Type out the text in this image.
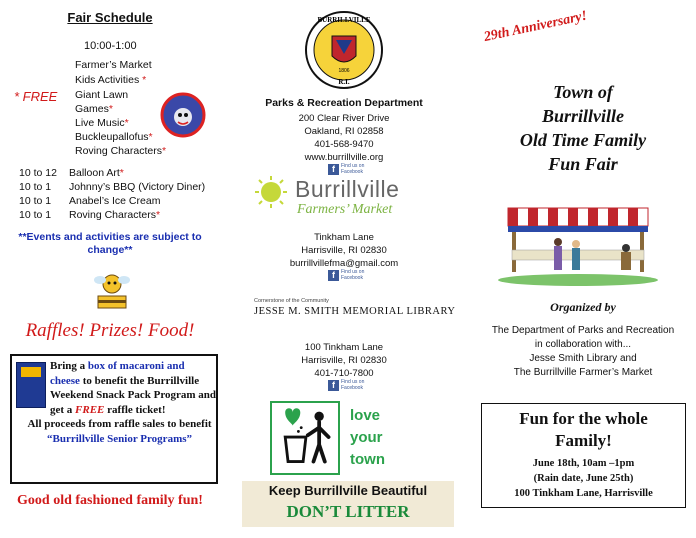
Fair Schedule
10:00-1:00
* FREE
Farmer’s Market
Kids Activities *
Giant Lawn
Games*
Live Music*
Buckleupallofus*
Roving Characters*
10 to 12 Balloon Art*
10 to 1 Johnny’s BBQ (Victory Diner)
10 to 1 Anabel’s Ice Cream
10 to 1 Roving Characters*
**Events and activities are subject to change**
Raffles! Prizes! Food!
Bring a box of macaroni and cheese to benefit the Burrillville Weekend Snack Pack Program and get a FREE raffle ticket!
All proceeds from raffle sales to benefit
“Burrillville Senior Programs”
Good old fashioned family fun!
BURRILLVILLE
1806
R.I.
Parks & Recreation Department
200 Clear River Drive
Oakland, RI 02858
401-568-9470
www.burrillville.org
f	Find us on Facebook
Burrillville
Farmers’ Market
Tinkham Lane
Harrisville, RI 02830
burrillvillefma@gmail.com
f	Find us on Facebook
Cornerstone of the Community
JESSE M. SMITH MEMORIAL LIBRARY
100 Tinkham Lane
Harrisville, RI 02830
401-710-7800
f	Find us on Facebook
love
your
town
Keep Burrillville Beautiful
DON’T LITTER
29th Anniversary!
Town of
Burrillville
Old Time Family
Fun Fair
Organized by
The Department of Parks and Recreation
in collaboration with...
Jesse Smith Library and
The Burrillville Farmer’s Market
Fun for the whole
Family!
June 18th, 10am –1pm
(Rain date, June 25th)
100 Tinkham Lane, Harrisville
